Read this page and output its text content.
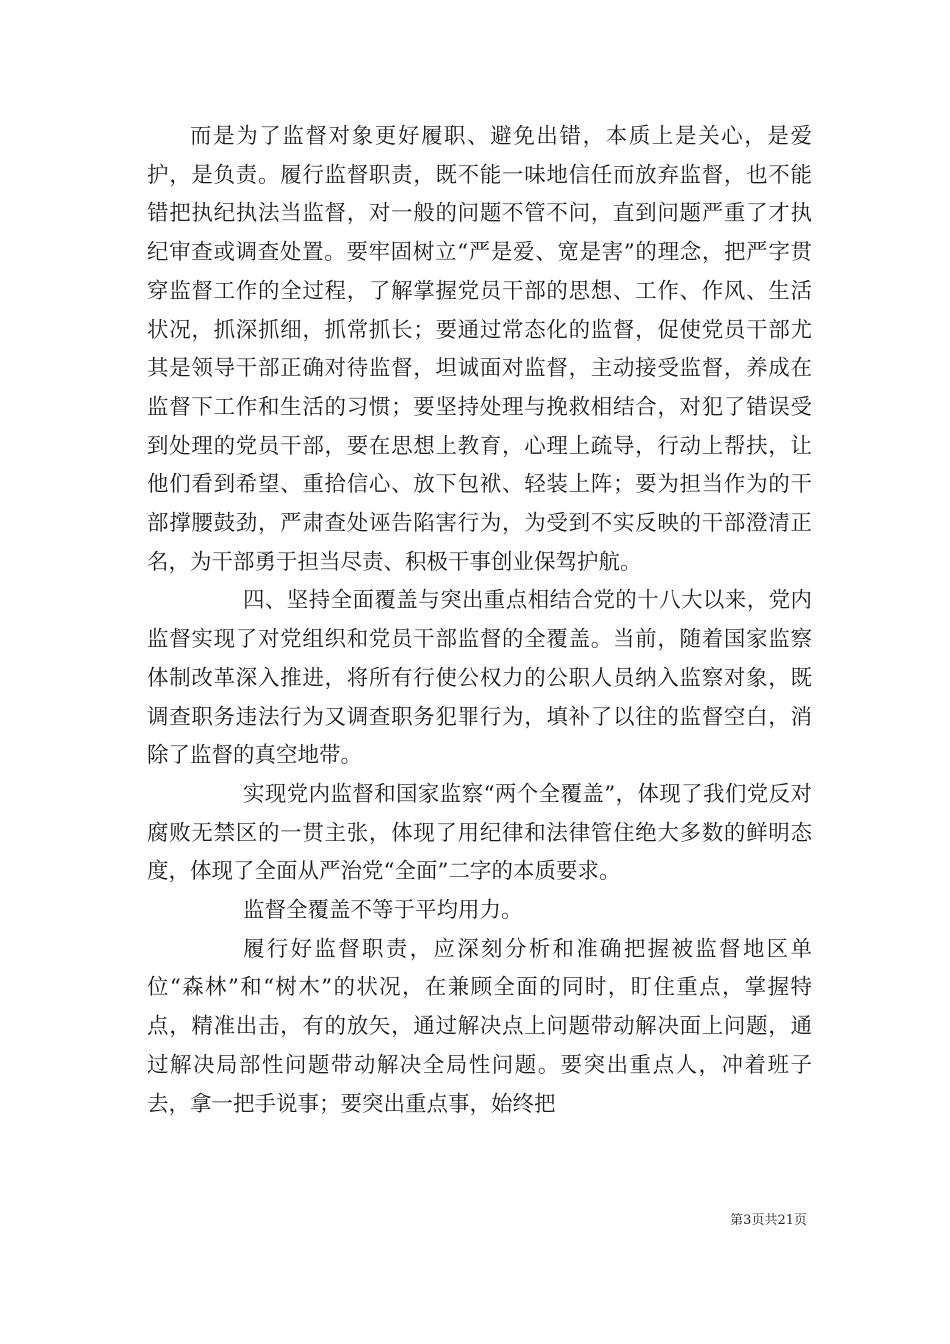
而是为了监督对象更好履职、避免出错，本质上是关心，是爱护，是负责。履行监督职责，既不能一味地信任而放弃监督，也不能错把执纪执法当监督，对一般的问题不管不问，直到问题严重了才执纪审查或调查处置。要牢固树立“严是爱、宽是害”的理念，把严字贯穿监督工作的全过程，了解掌握党员干部的思想、工作、作风、生活状况，抓深抓细，抓常抓长；要通过常态化的监督，促使党员干部尤其是领导干部正确对待监督，坦诚面对监督，主动接受监督，养成在监督下工作和生活的习惯；要坚持处理与挽救相结合，对犯了错误受到处理的党员干部，要在思想上教育，心理上疏导，行动上帮扶，让他们看到希望、重拾信心、放下包袱、轻装上阵；要为担当作为的干部撑腰鼓劲，严肃查处诬告陷害行为，为受到不实反映的干部澄清正名，为干部勇于担当尽责、积极干事创业保驾护航。

四、坚持全面覆盖与突出重点相结合党的十八大以来，党内监督实现了对党组织和党员干部监督的全覆盖。当前，随着国家监察体制改革深入推进，将所有行使公权力的公职人员纳入监察对象，既调查职务违法行为又调查职务犯罪行为，填补了以往的监督空白，消除了监督的真空地带。

实现党内监督和国家监察“两个全覆盖”，体现了我们党反对腐败无禁区的一贯主张，体现了用纪律和法律管住绝大多数的鲜明态度，体现了全面从严治党“全面”二字的本质要求。

监督全覆盖不等于平均用力。

履行好监督职责，应深刻分析和准确把握被监督地区单位“森林”和“树木”的状况，在兼顾全面的同时，盯住重点，掌握特点，精准出击，有的放矢，通过解决点上问题带动解决面上问题，通过解决局部性问题带动解决全局性问题。要突出重点人，冲着班子去，拿一把手说事；要突出重点事，始终把

第3页共21页
